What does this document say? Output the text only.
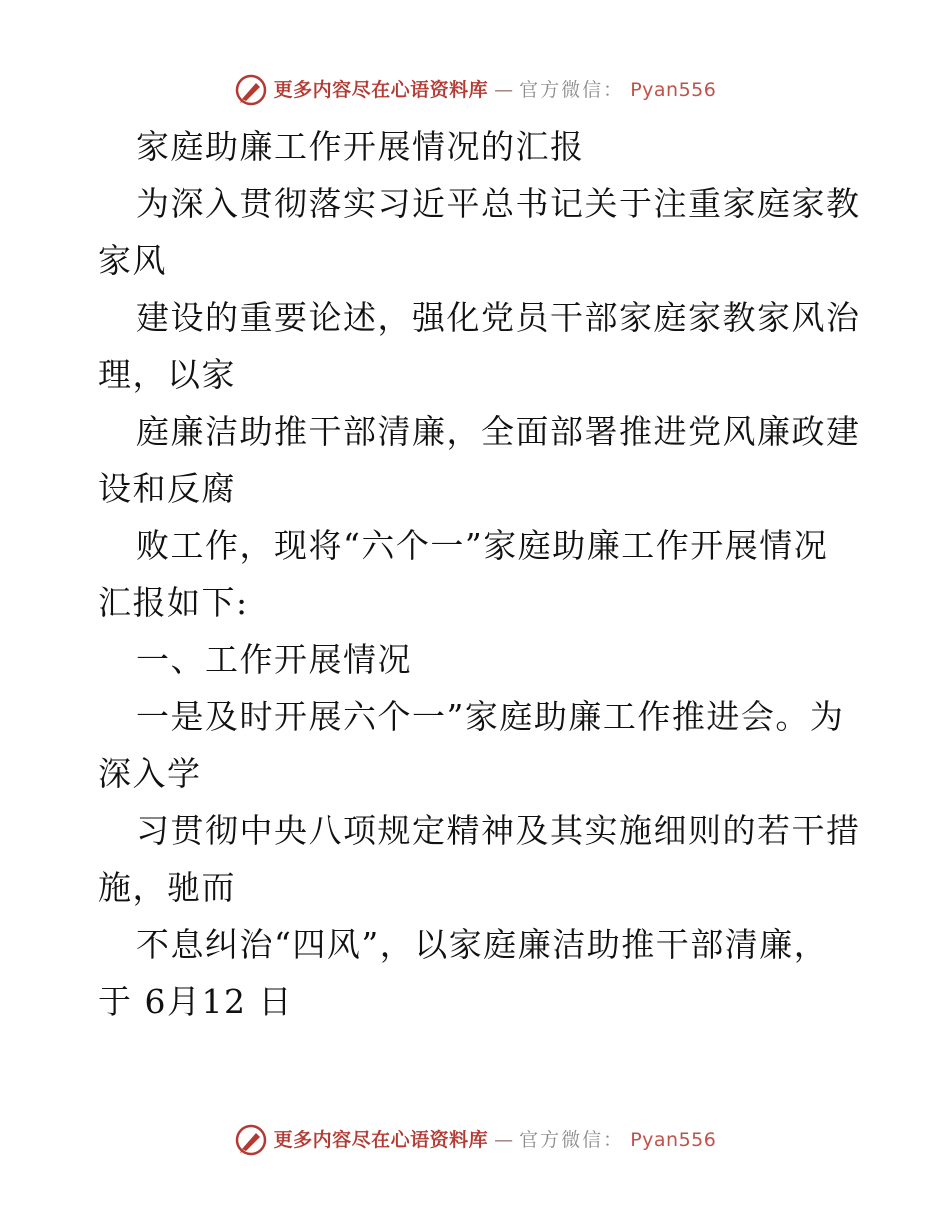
更多内容尽在心语资料库 — 官方微信： Pyan556
家庭助廉工作开展情况的汇报
为深入贯彻落实习近平总书记关于注重家庭家教
家风
建设的重要论述，强化党员干部家庭家教家风治
理，以家
庭廉洁助推干部清廉，全面部署推进党风廉政建
设和反腐
败工作，现将“六个一”家庭助廉工作开展情况
汇报如下:
一、工作开展情况
一是及时开展六个一”家庭助廉工作推进会。为
深入学
习贯彻中央八项规定精神及其实施细则的若干措
施，驰而
不息纠治“四风”，以家庭廉洁助推干部清廉，
于 6月12 日
更多内容尽在心语资料库 — 官方微信： Pyan556
